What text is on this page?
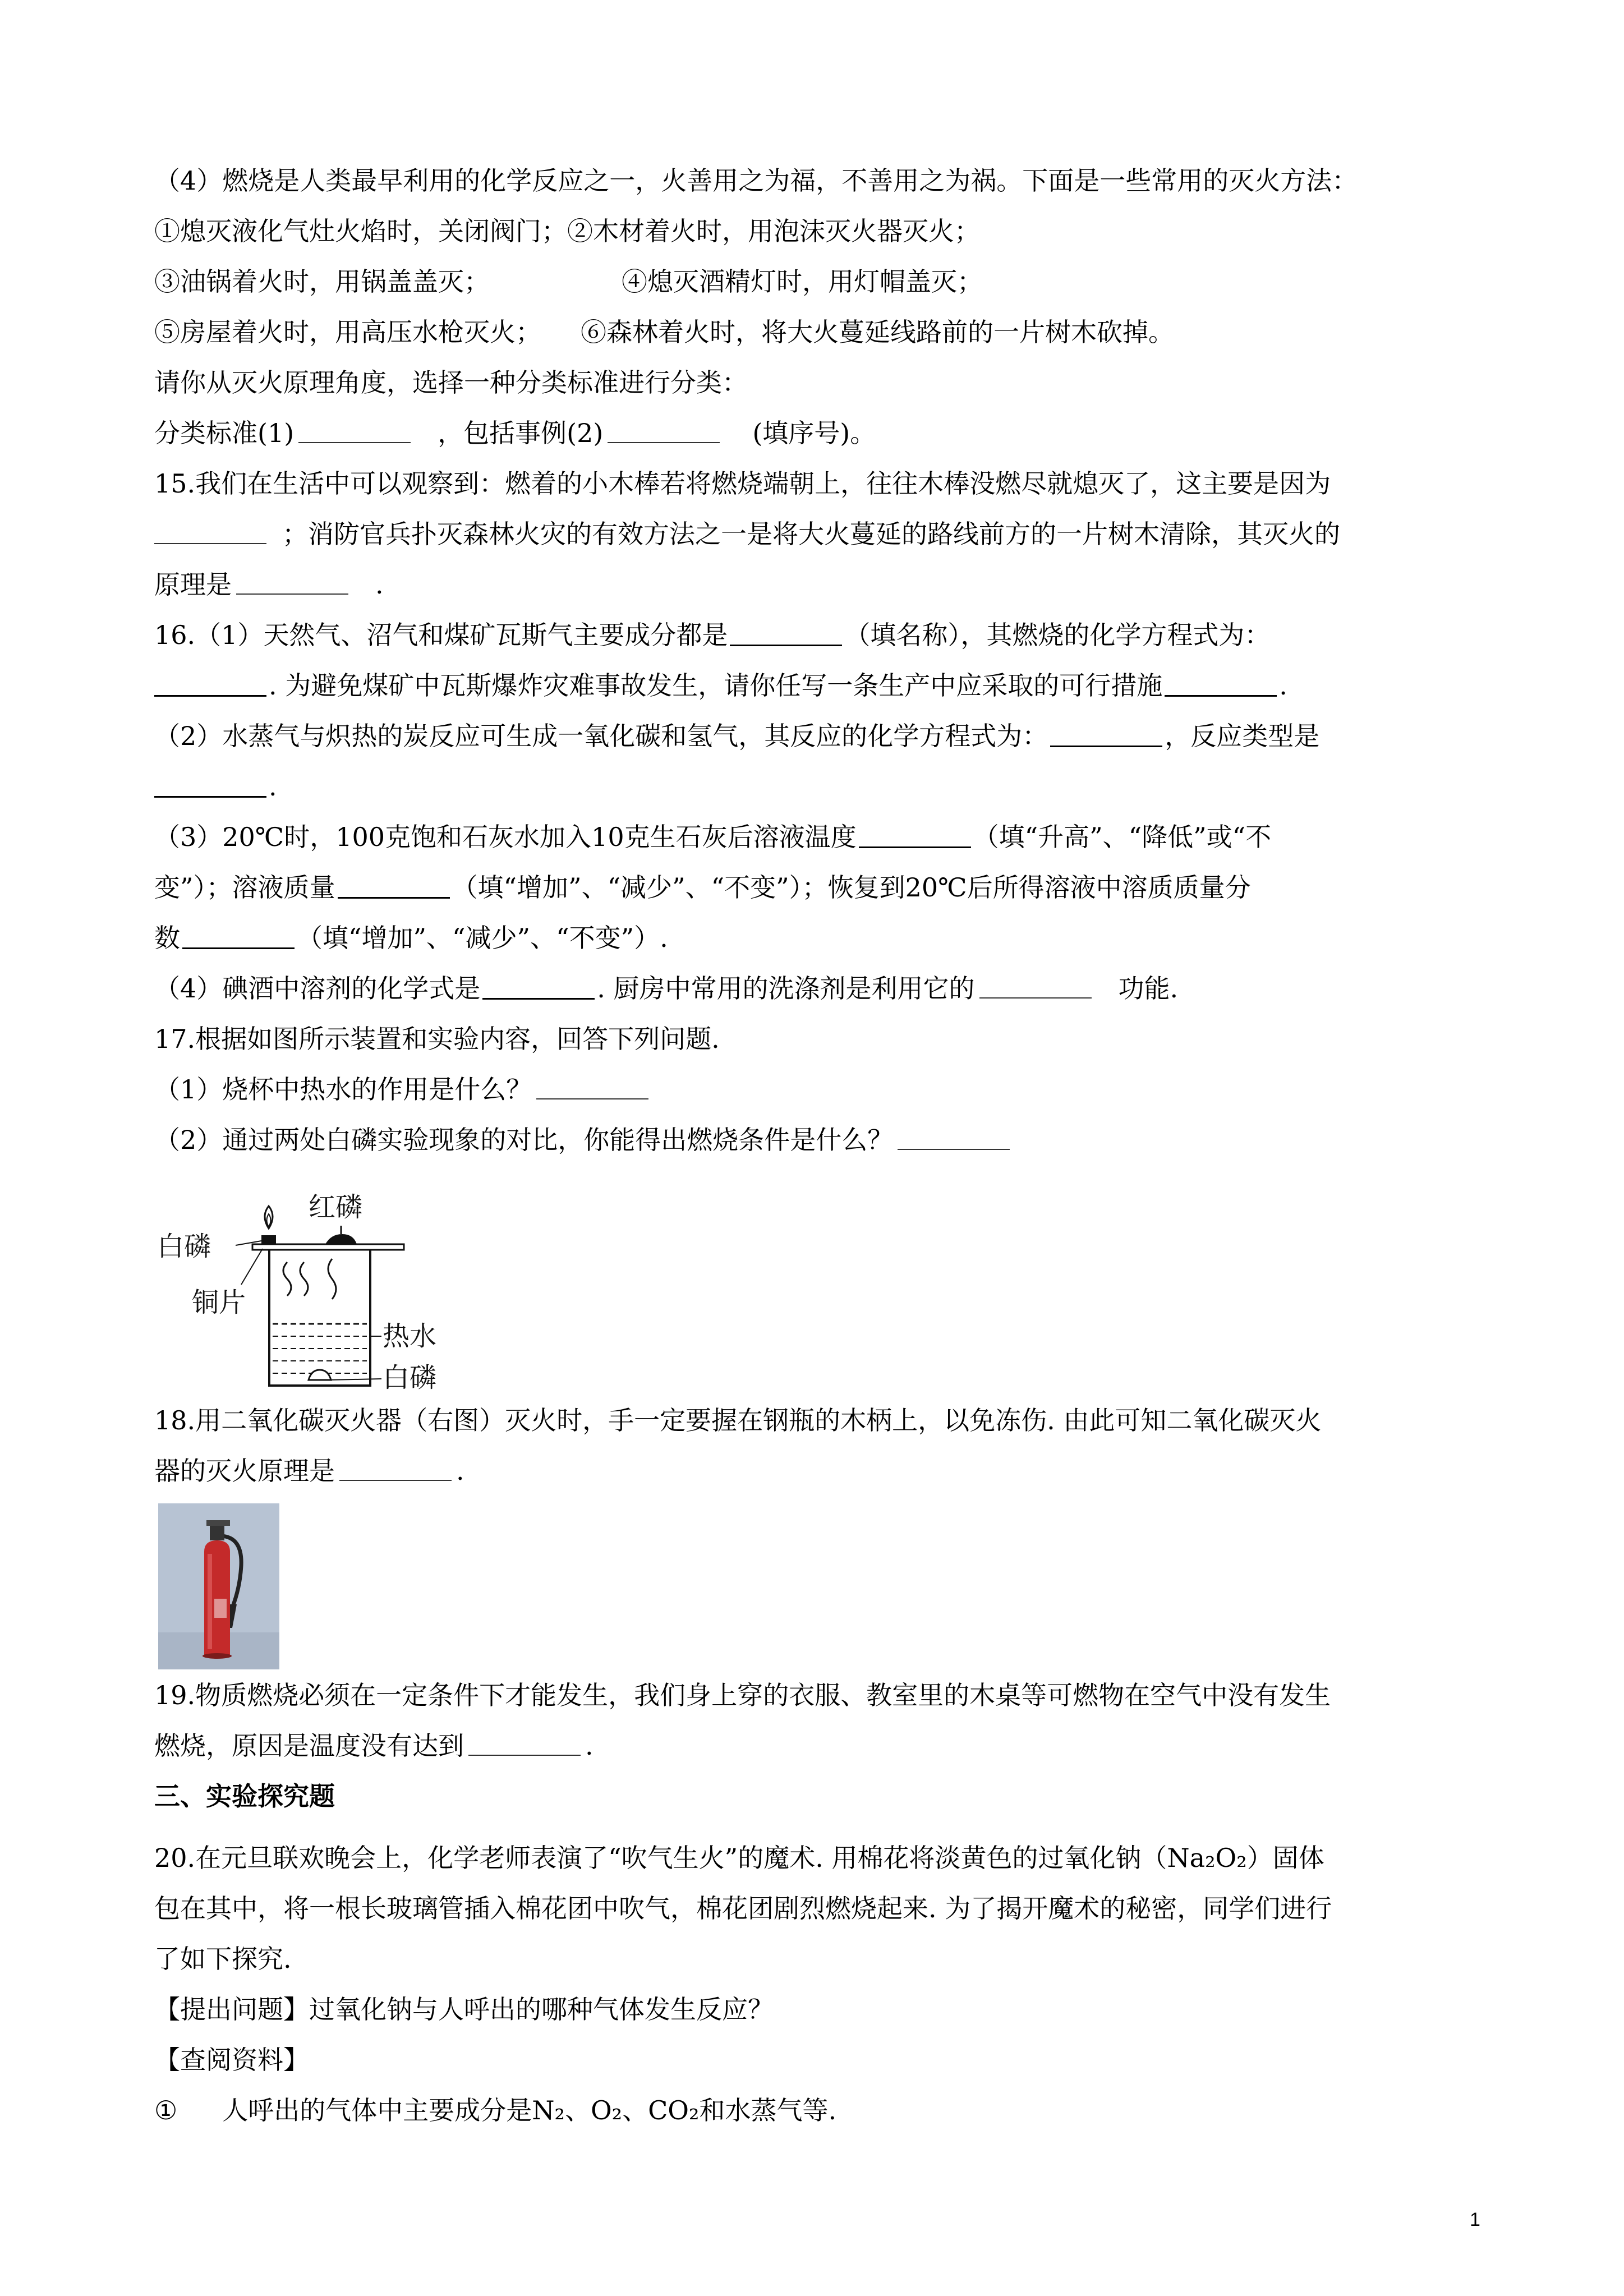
（4）燃烧是人类最早利用的化学反应之一，火善用之为福，不善用之为祸。下面是一些常用的灭火方法：
①熄灭液化气灶火焰时，关闭阀门；②木材着火时，用泡沫灭火器灭火；
③油锅着火时，用锅盖盖灭；	④熄灭酒精灯时，用灯帽盖灭；
⑤房屋着火时，用高压水枪灭火； ⑥森林着火时，将大火蔓延线路前的一片树木砍掉。
请你从灭火原理角度，选择一种分类标准进行分类：
分类标准(1)	，包括事例(2)	(填序号)。
15.我们在生活中可以观察到：燃着的小木棒若将燃烧端朝上，往往木棒没燃尽就熄灭了，这主要是因为
；消防官兵扑灭森林火灾的有效方法之一是将大火蔓延的路线前方的一片树木清除，其灭火的
原理是	.
16.（1）天然气、沼气和煤矿瓦斯气主要成分都是	（填名称），其燃烧的化学方程式为：
. 为避免煤矿中瓦斯爆炸灾难事故发生，请你任写一条生产中应采取的可行措施	.
（2）水蒸气与炽热的炭反应可生成一氧化碳和氢气，其反应的化学方程式为：	，反应类型是
.
（3）20℃时，100克饱和石灰水加入10克生石灰后溶液温度	（填“升高”、“降低”或“不
变”）；溶液质量	（填“增加”、“减少”、“不变”）；恢复到20℃后所得溶液中溶质质量分
数	（填“增加”、“减少”、“不变”）.
（4）碘酒中溶剂的化学式是	. 厨房中常用的洗涤剂是利用它的	功能.
17.根据如图所示装置和实验内容，回答下列问题.
（1）烧杯中热水的作用是什么？
（2）通过两处白磷实验现象的对比，你能得出燃烧条件是什么？
红磷
白磷
铜片
热水
白磷
18.用二氧化碳灭火器（右图）灭火时，手一定要握在钢瓶的木柄上，以免冻伤. 由此可知二氧化碳灭火
器的灭火原理是	.
19.物质燃烧必须在一定条件下才能发生，我们身上穿的衣服、教室里的木桌等可燃物在空气中没有发生
燃烧，原因是温度没有达到	.
三、实验探究题
20.在元旦联欢晚会上，化学老师表演了“吹气生火”的魔术. 用棉花将淡黄色的过氧化钠（Na₂O₂）固体
包在其中，将一根长玻璃管插入棉花团中吹气，棉花团剧烈燃烧起来. 为了揭开魔术的秘密，同学们进行
了如下探究.
【提出问题】过氧化钠与人呼出的哪种气体发生反应？
【查阅资料】
① 人呼出的气体中主要成分是N₂、O₂、CO₂和水蒸气等.
1
